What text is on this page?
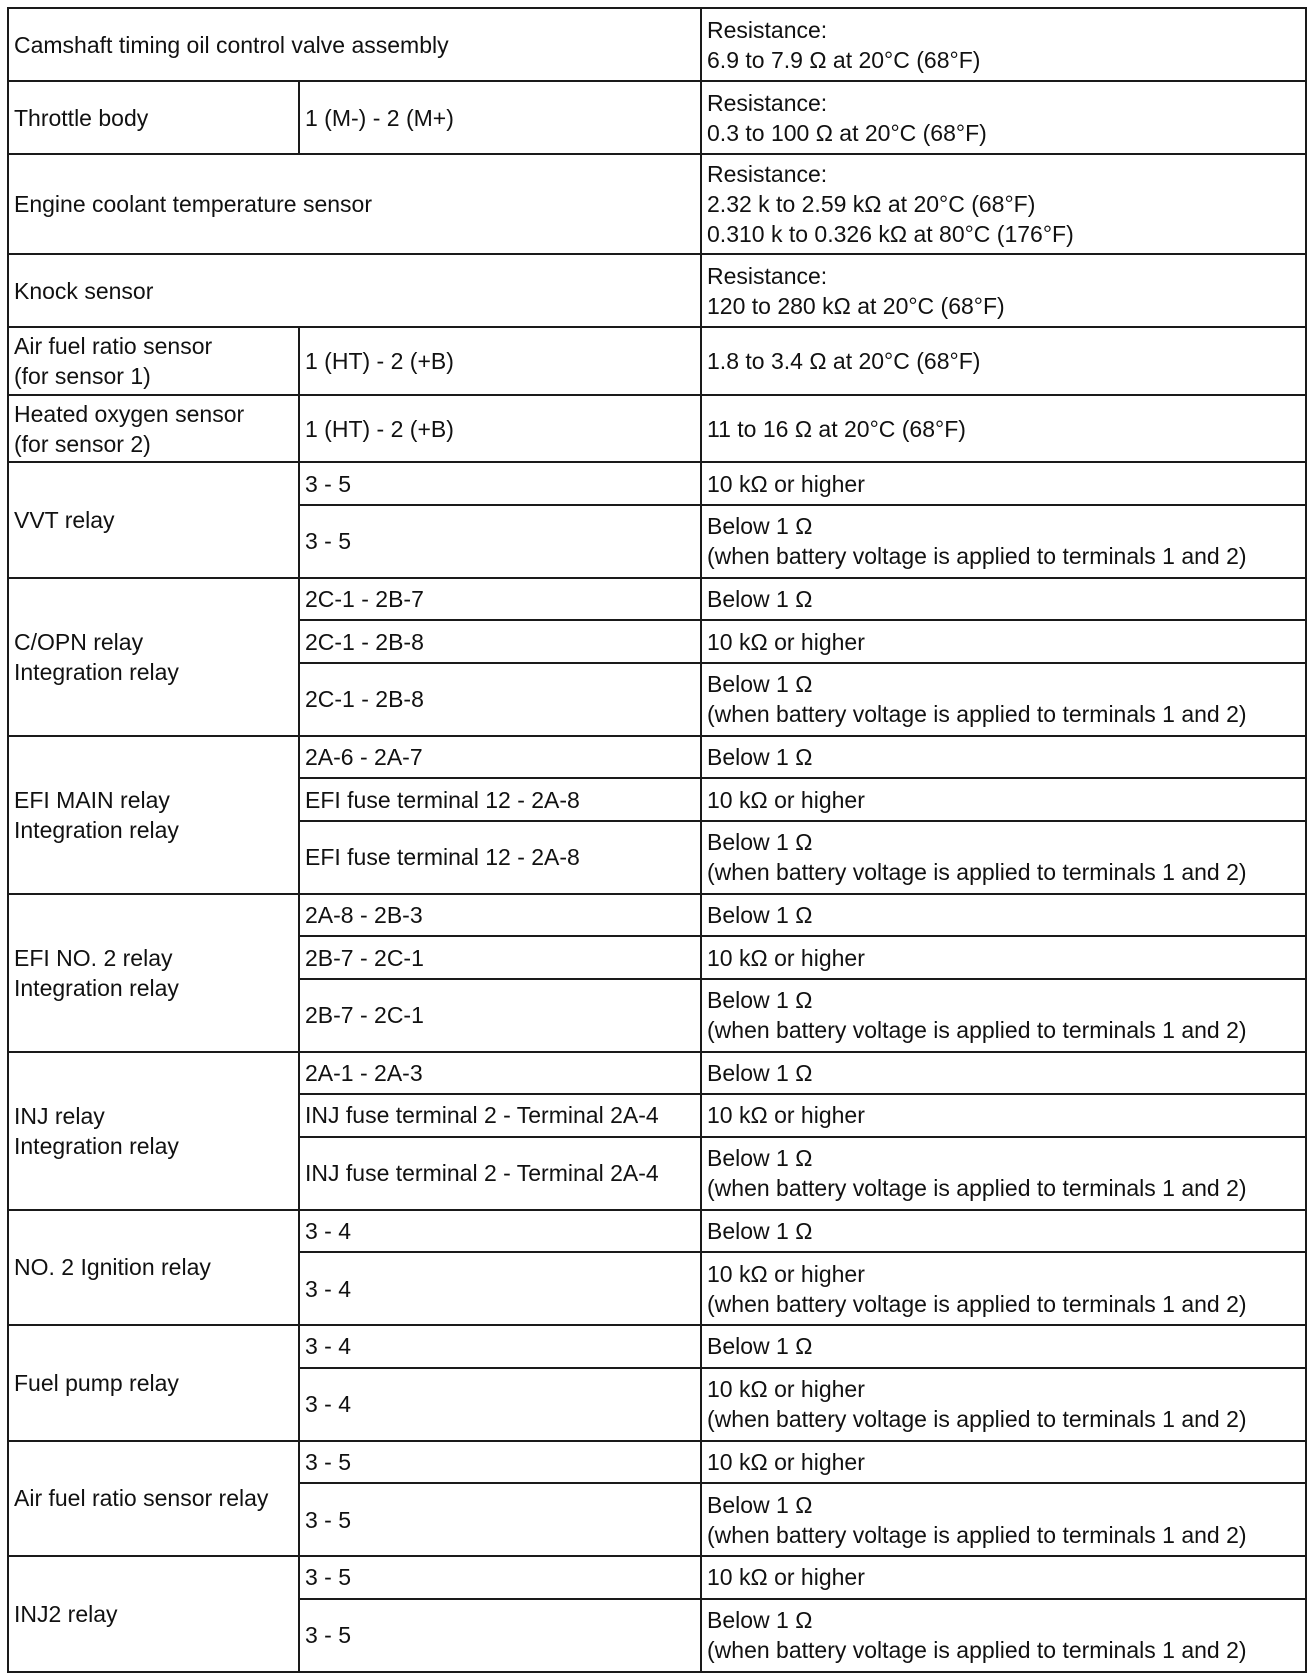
Camshaft timing oil control valve assembly		Resistance:
6.9 to 7.9 Ω at 20°C (68°F)

Throttle body	1 (M-) - 2 (M+)	Resistance:
0.3 to 100 Ω at 20°C (68°F)

Engine coolant temperature sensor		Resistance:
2.32 k to 2.59 kΩ at 20°C (68°F)
0.310 k to 0.326 kΩ at 80°C (176°F)

Knock sensor		Resistance:
120 to 280 kΩ at 20°C (68°F)

Air fuel ratio sensor
(for sensor 1)	1 (HT) - 2 (+B)	1.8 to 3.4 Ω at 20°C (68°F)

Heated oxygen sensor
(for sensor 2)	1 (HT) - 2 (+B)	11 to 16 Ω at 20°C (68°F)

VVT relay	3 - 5	10 kΩ or higher

	3 - 5	Below 1 Ω
(when battery voltage is applied to terminals 1 and 2)

C/OPN relay
Integration relay	2C-1 - 2B-7	Below 1 Ω

	2C-1 - 2B-8	10 kΩ or higher

	2C-1 - 2B-8	Below 1 Ω
(when battery voltage is applied to terminals 1 and 2)

EFI MAIN relay
Integration relay	2A-6 - 2A-7	Below 1 Ω

	EFI fuse terminal 12 - 2A-8	10 kΩ or higher

	EFI fuse terminal 12 - 2A-8	Below 1 Ω
(when battery voltage is applied to terminals 1 and 2)

EFI NO. 2 relay
Integration relay	2A-8 - 2B-3	Below 1 Ω

	2B-7 - 2C-1	10 kΩ or higher

	2B-7 - 2C-1	Below 1 Ω
(when battery voltage is applied to terminals 1 and 2)

INJ relay
Integration relay	2A-1 - 2A-3	Below 1 Ω

	INJ fuse terminal 2 - Terminal 2A-4	10 kΩ or higher

	INJ fuse terminal 2 - Terminal 2A-4	Below 1 Ω
(when battery voltage is applied to terminals 1 and 2)

NO. 2 Ignition relay	3 - 4	Below 1 Ω

	3 - 4	10 kΩ or higher
(when battery voltage is applied to terminals 1 and 2)

Fuel pump relay	3 - 4	Below 1 Ω

	3 - 4	10 kΩ or higher
(when battery voltage is applied to terminals 1 and 2)

Air fuel ratio sensor relay	3 - 5	10 kΩ or higher

	3 - 5	Below 1 Ω
(when battery voltage is applied to terminals 1 and 2)

INJ2 relay	3 - 5	10 kΩ or higher

	3 - 5	Below 1 Ω
(when battery voltage is applied to terminals 1 and 2)
